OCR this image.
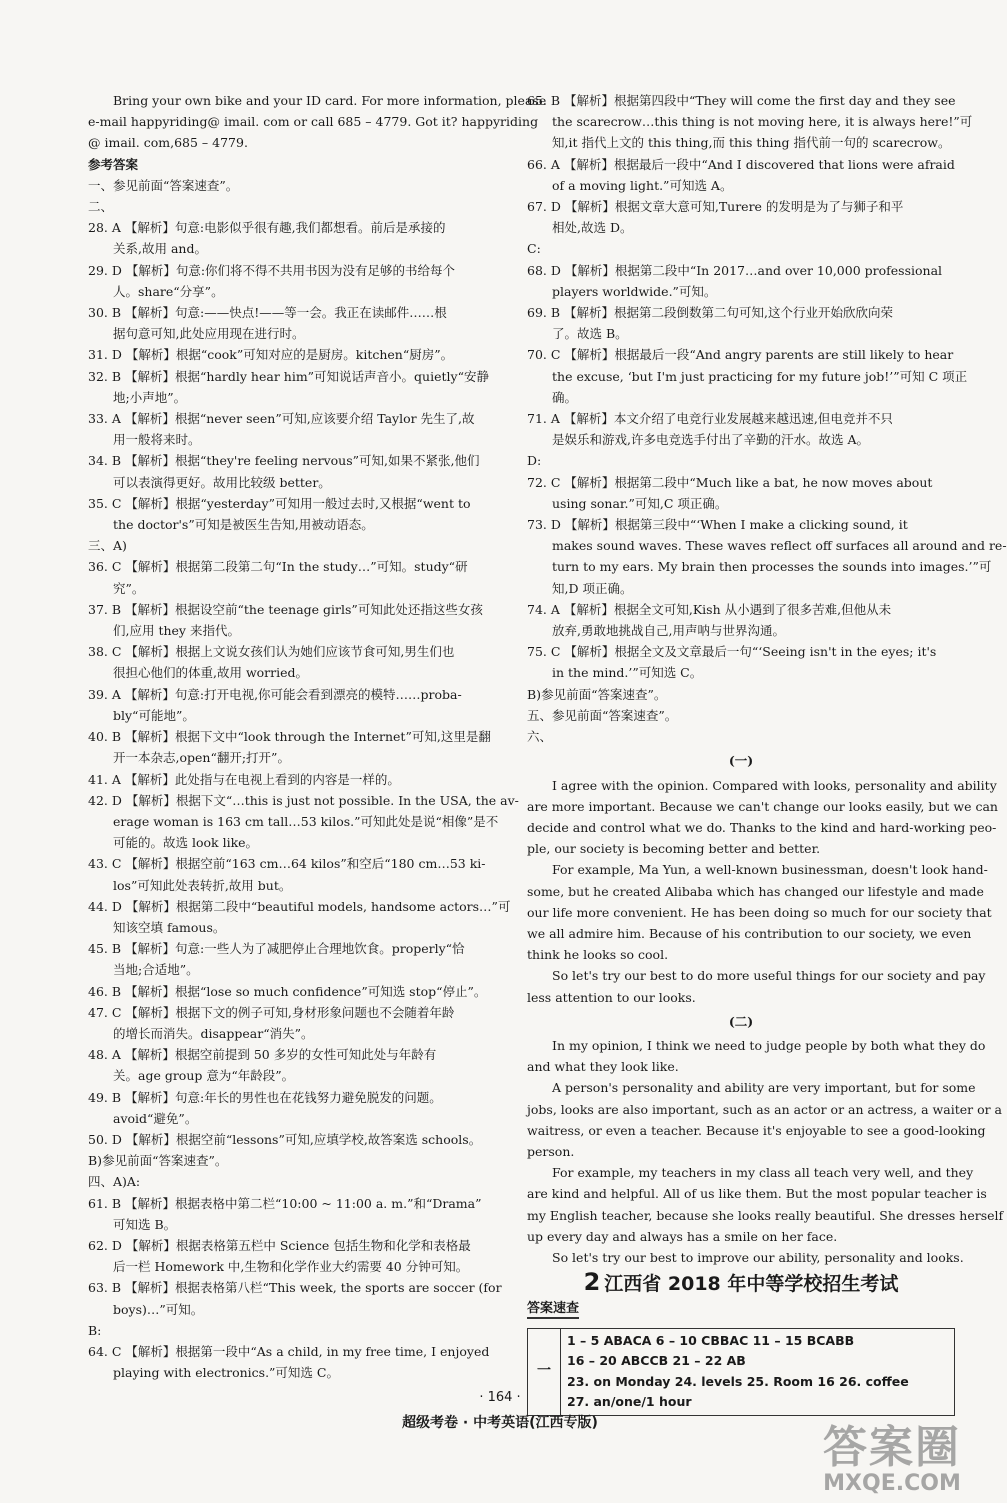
Bring your own bike and your ID card. For more information, please
e-mail happyriding@ imail. com or call 685 – 4779. Got it? happyriding
@ imail. com,685 – 4779.
参考答案
一、参见前面“答案速查”。
二、
28. A 【解析】句意:电影似乎很有趣,我们都想看。前后是承接的
关系,故用 and。
29. D 【解析】句意:你们将不得不共用书因为没有足够的书给每个
人。share“分享”。
30. B 【解析】句意:——快点!——等一会。我正在读邮件……根
据句意可知,此处应用现在进行时。
31. D 【解析】根据“cook”可知对应的是厨房。kitchen“厨房”。
32. B 【解析】根据“hardly hear him”可知说话声音小。quietly“安静
地;小声地”。
33. A 【解析】根据“never seen”可知,应该要介绍 Taylor 先生了,故
用一般将来时。
34. B 【解析】根据“they're feeling nervous”可知,如果不紧张,他们
可以表演得更好。故用比较级 better。
35. C 【解析】根据“yesterday”可知用一般过去时,又根据“went to
the doctor's”可知是被医生告知,用被动语态。
三、A)
36. C 【解析】根据第二段第二句“In the study…”可知。study“研
究”。
37. B 【解析】根据设空前“the teenage girls”可知此处还指这些女孩
们,应用 they 来指代。
38. C 【解析】根据上文说女孩们认为她们应该节食可知,男生们也
很担心他们的体重,故用 worried。
39. A 【解析】句意:打开电视,你可能会看到漂亮的模特……proba-
bly“可能地”。
40. B 【解析】根据下文中“look through the Internet”可知,这里是翻
开一本杂志,open“翻开;打开”。
41. A 【解析】此处指与在电视上看到的内容是一样的。
42. D 【解析】根据下文“…this is just not possible. In the USA, the av-
erage woman is 163 cm tall…53 kilos.”可知此处是说“相像”是不
可能的。故选 look like。
43. C 【解析】根据空前“163 cm…64 kilos”和空后“180 cm…53 ki-
los”可知此处表转折,故用 but。
44. D 【解析】根据第二段中“beautiful models, handsome actors…”可
知该空填 famous。
45. B 【解析】句意:一些人为了减肥停止合理地饮食。properly“恰
当地;合适地”。
46. B 【解析】根据“lose so much confidence”可知选 stop“停止”。
47. C 【解析】根据下文的例子可知,身材形象问题也不会随着年龄
的增长而消失。disappear“消失”。
48. A 【解析】根据空前提到 50 多岁的女性可知此处与年龄有
关。age group 意为“年龄段”。
49. B 【解析】句意:年长的男性也在花钱努力避免脱发的问题。
avoid“避免”。
50. D 【解析】根据空前“lessons”可知,应填学校,故答案选 schools。
B)参见前面“答案速查”。
四、A)A:
61. B 【解析】根据表格中第二栏“10:00 ~ 11:00 a. m.”和“Drama”
可知选 B。
62. D 【解析】根据表格第五栏中 Science 包括生物和化学和表格最
后一栏 Homework 中,生物和化学作业大约需要 40 分钟可知。
63. B 【解析】根据表格第八栏“This week, the sports are soccer (for
boys)…”可知。
B:
64. C 【解析】根据第一段中“As a child, in my free time, I enjoyed
playing with electronics.”可知选 C。
65. B 【解析】根据第四段中“They will come the first day and they see
the scarecrow…this thing is not moving here, it is always here!”可
知,it 指代上文的 this thing,而 this thing 指代前一句的 scarecrow。
66. A 【解析】根据最后一段中“And I discovered that lions were afraid
of a moving light.”可知选 A。
67. D 【解析】根据文章大意可知,Turere 的发明是为了与狮子和平
相处,故选 D。
C:
68. D 【解析】根据第二段中“In 2017…and over 10,000 professional
players worldwide.”可知。
69. B 【解析】根据第二段倒数第二句可知,这个行业开始欣欣向荣
了。故选 B。
70. C 【解析】根据最后一段“And angry parents are still likely to hear
the excuse, ‘but I'm just practicing for my future job!’”可知 C 项正
确。
71. A 【解析】本文介绍了电竞行业发展越来越迅速,但电竞并不只
是娱乐和游戏,许多电竞选手付出了辛勤的汗水。故选 A。
D:
72. C 【解析】根据第二段中“Much like a bat, he now moves about
using sonar.”可知,C 项正确。
73. D 【解析】根据第三段中“‘When I make a clicking sound, it
makes sound waves. These waves reflect off surfaces all around and re-
turn to my ears. My brain then processes the sounds into images.’”可
知,D 项正确。
74. A 【解析】根据全文可知,Kish 从小遇到了很多苦难,但他从未
放弃,勇敢地挑战自己,用声呐与世界沟通。
75. C 【解析】根据全文及文章最后一句“‘Seeing isn't in the eyes; it's
in the mind.’”可知选 C。
B)参见前面“答案速查”。
五、参见前面“答案速查”。
六、
(一)
I agree with the opinion. Compared with looks, personality and ability
are more important. Because we can't change our looks easily, but we can
decide and control what we do. Thanks to the kind and hard-working peo-
ple, our society is becoming better and better.
For example, Ma Yun, a well-known businessman, doesn't look hand-
some, but he created Alibaba which has changed our lifestyle and made
our life more convenient. He has been doing so much for our society that
we all admire him. Because of his contribution to our society, we even
think he looks so cool.
So let's try our best to do more useful things for our society and pay
less attention to our looks.
(二)
In my opinion, I think we need to judge people by both what they do
and what they look like.
A person's personality and ability are very important, but for some
jobs, looks are also important, such as an actor or an actress, a waiter or a
waitress, or even a teacher. Because it's enjoyable to see a good-looking
person.
For example, my teachers in my class all teach very well, and they
are kind and helpful. All of us like them. But the most popular teacher is
my English teacher, because she looks really beautiful. She dresses herself
up every day and always has a smile on her face.
So let's try our best to improve our ability, personality and looks.
2 江西省 2018 年中等学校招生考试
答案速查
一
1 – 5 ABACA 6 – 10 CBBAC 11 – 15 BCABB
16 – 20 ABCCB 21 – 22 AB
23. on Monday 24. levels 25. Room 16 26. coffee
27. an/one/1 hour
· 164 ·
超级考卷 · 中考英语(江西专版)	答案圈
MXQE.COM
